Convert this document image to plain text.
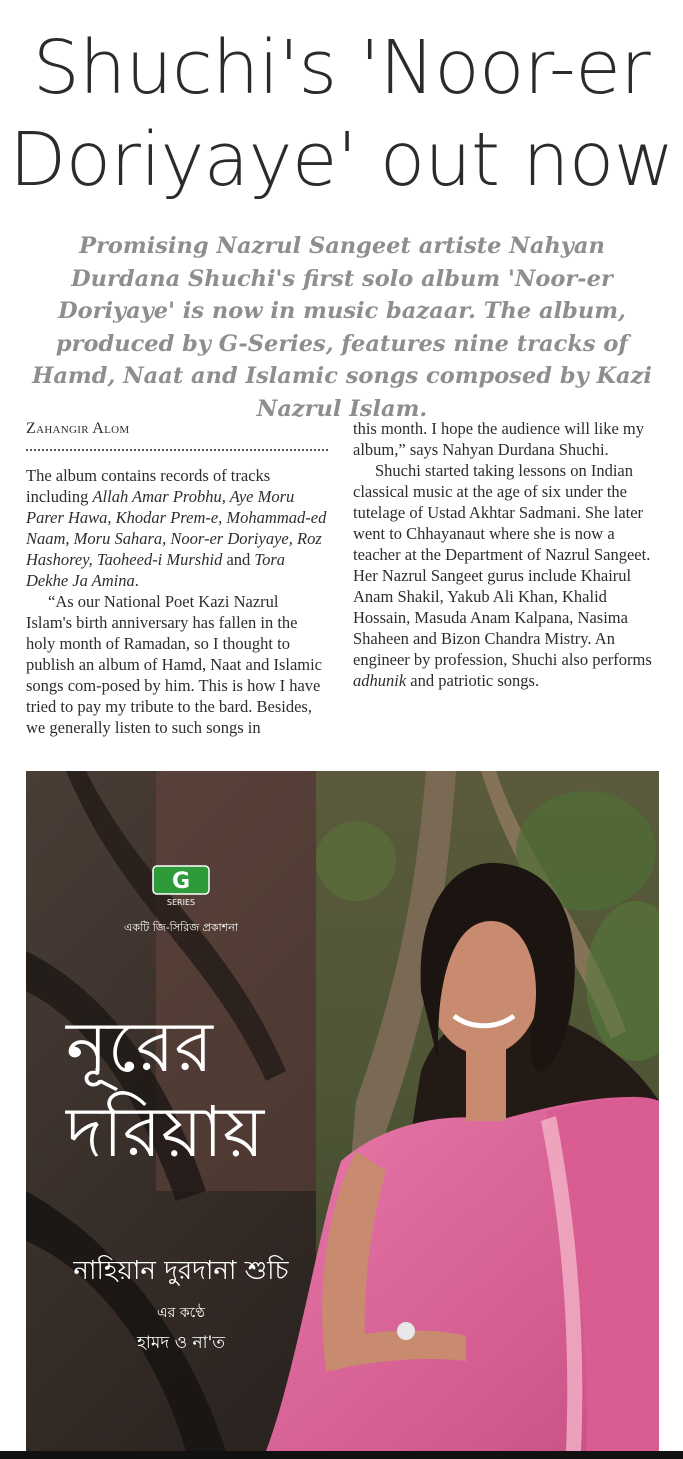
Shuchi's 'Noor-er Doriyaye' out now

Promising Nazrul Sangeet artiste Nahyan Durdana Shuchi's first solo album 'Noor-er Doriyaye' is now in music bazaar. The album, produced by G-Series, features nine tracks of Hamd, Naat and Islamic songs composed by Kazi Nazrul Islam.

Zahangir Alom

The album contains records of tracks including Allah Amar Probhu, Aye Moru Parer Hawa, Khodar Prem-e, Mohammad-ed Naam, Moru Sahara, Noor-er Doriyaye, Roz Hashorey, Taoheed-i Murshid and Tora Dekhe Ja Amina.

“As our National Poet Kazi Nazrul Islam's birth anniversary has fallen in the holy month of Ramadan, so I thought to publish an album of Hamd, Naat and Islamic songs com-posed by him. This is how I have tried to pay my tribute to the bard. Besides, we generally listen to such songs in

this month. I hope the audience will like my album,” says Nahyan Durdana Shuchi.

Shuchi started taking lessons on Indian classical music at the age of six under the tutelage of Ustad Akhtar Sadmani. She later went to Chhayanaut where she is now a teacher at the Department of Nazrul Sangeet. Her Nazrul Sangeet gurus include Khairul Anam Shakil, Yakub Ali Khan, Khalid Hossain, Masuda Anam Kalpana, Nasima Shaheen and Bizon Chandra Mistry. An engineer by profession, Shuchi also performs adhunik and patriotic songs.

G
SERIES
একটি জি-সিরিজ প্রকাশনা
নূরের
দরিয়ায়
নাহিয়ান দুরদানা শুচি
এর কণ্ঠে
হামদ ও না'ত
